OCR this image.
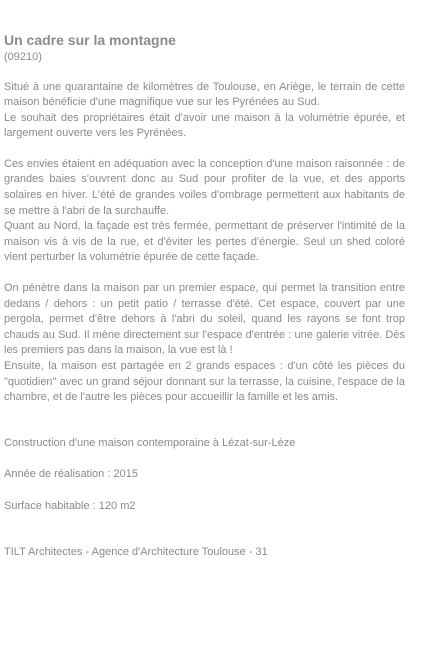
Un cadre sur la montagne

(09210)

Situé à une quarantaine de kilomètres de Toulouse, en Ariège, le terrain de cette maison bénéficie d'une magnifique vue sur les Pyrénées au Sud.

Le souhait des propriétaires était d'avoir une maison à la volumétrie épurée, et largement ouverte vers les Pyrénées.

Ces envies étaient en adéquation avec la conception d'une maison raisonnée : de grandes baies s'ouvrent donc au Sud pour profiter de la vue, et des apports solaires en hiver. L'été de grandes voiles d'ombrage permettent aux habitants de se mettre à l'abri de la surchauffe.

Quant au Nord, la façade est très fermée, permettant de préserver l'intimité de la maison vis à vis de la rue, et d'éviter les pertes d'énergie. Seul un shed coloré vient perturber la volumétrie épurée de cette façade.

On pénètre dans la maison par un premier espace, qui permet la transition entre dedans / dehors : un petit patio / terrasse d'été. Cet espace, couvert par une pergola, permet d'être dehors à l'abri du soleil, quand les rayons se font trop chauds au Sud. Il mène directement sur l'espace d'entrée : une galerie vitrée. Dès les premiers pas dans la maison, la vue est là !

Ensuite, la maison est partagée en 2 grands espaces : d'un côté les pièces du "quotidien" avec un grand séjour donnant sur la terrasse, la cuisine, l'espace de la chambre, et de l'autre les pièces pour accueillir la famille et les amis.

Construction d'une maison contemporaine à Lézat-sur-Lèze

Année de réalisation : 2015

Surface habitable : 120 m2

TILT Architectes - Agence d'Architecture Toulouse - 31
